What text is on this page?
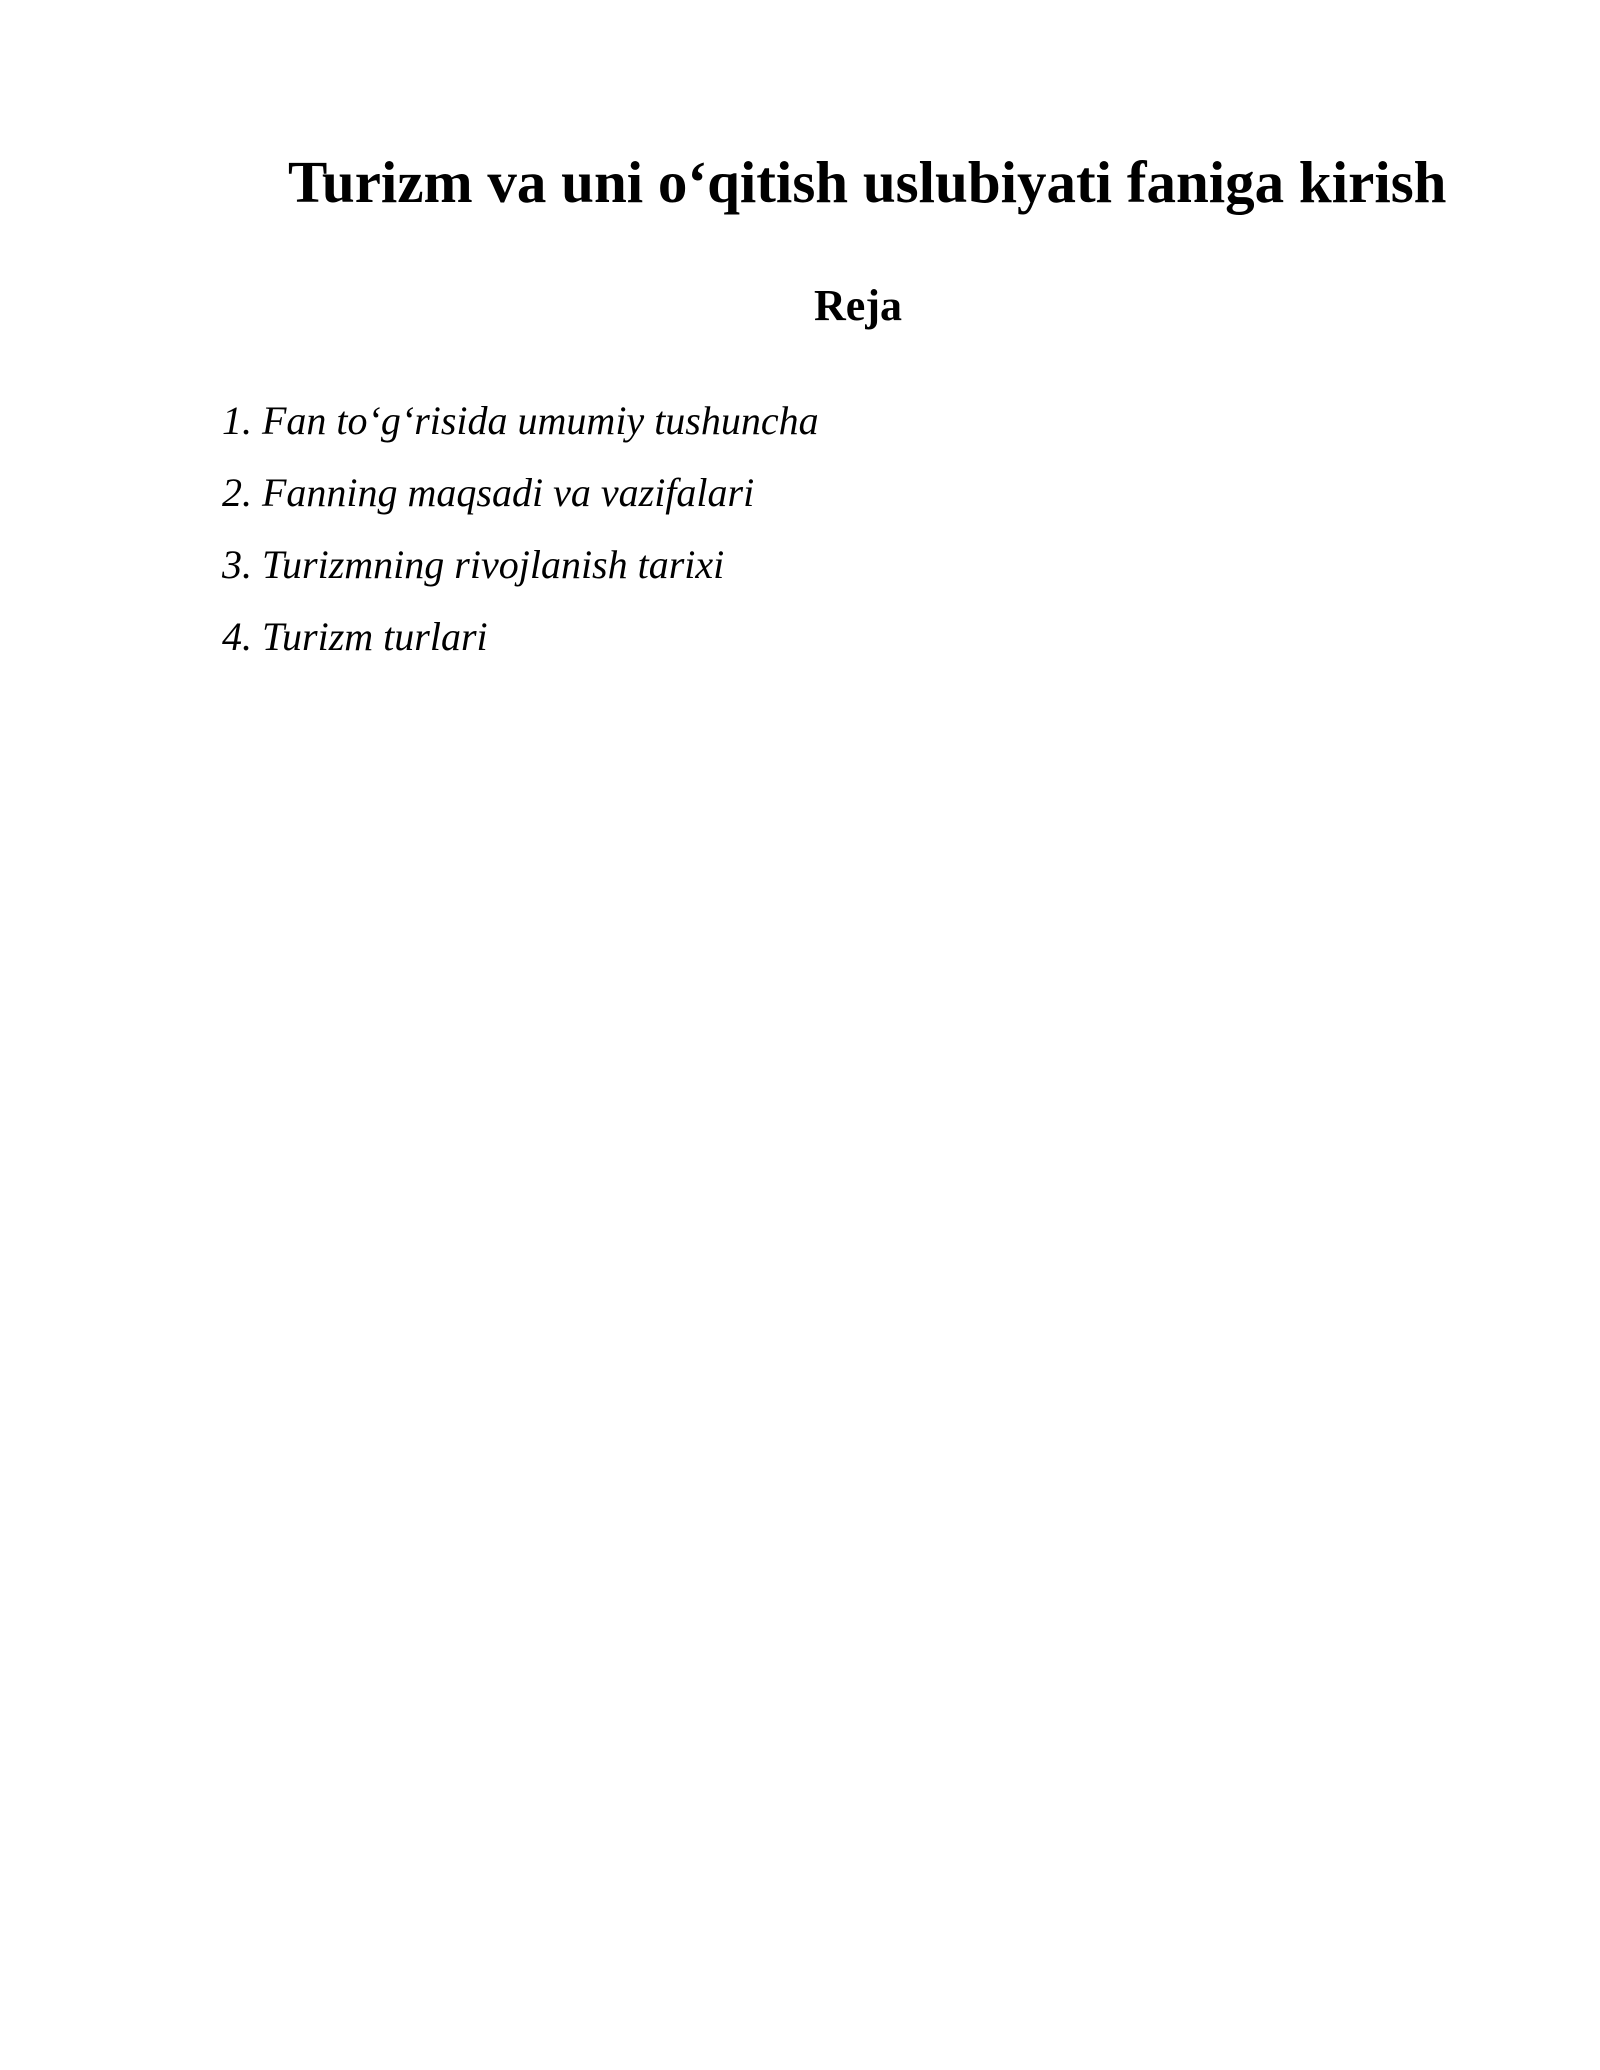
Turizm va uni o‘qitish uslubiyati faniga kirish
Reja
1. Fan to‘g‘risida umumiy tushuncha
2. Fanning maqsadi va vazifalari
3. Turizmning rivojlanish tarixi
4. Turizm turlari
